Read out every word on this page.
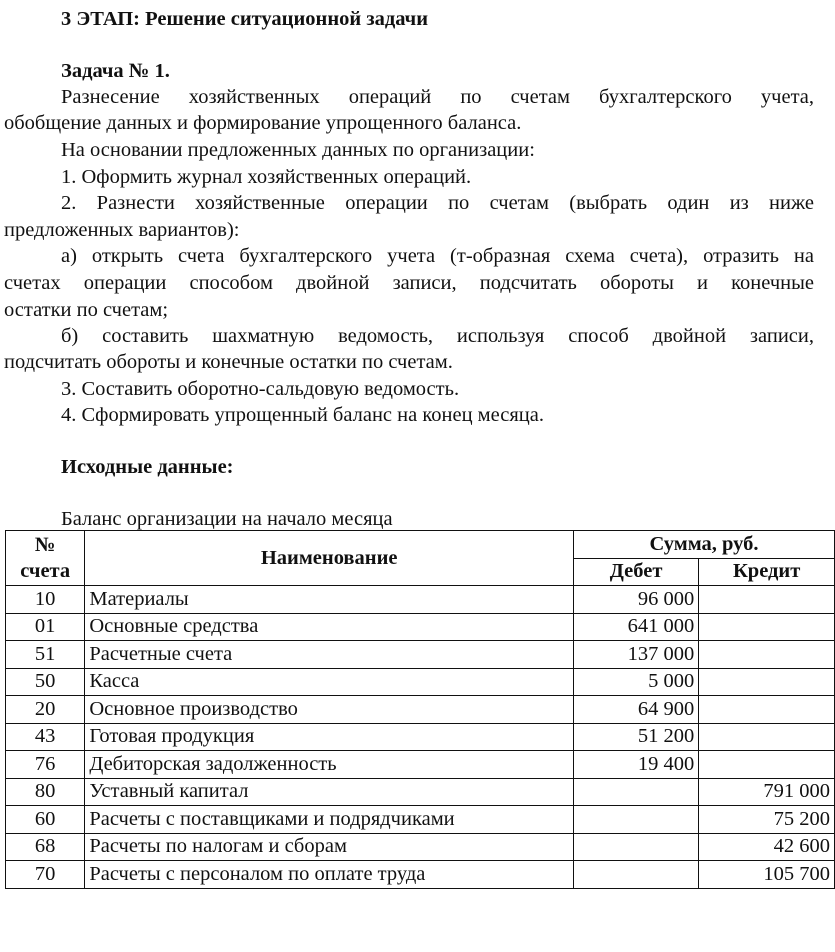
3 ЭТАП: Решение ситуационной задачи
Задача № 1.
Разнесение хозяйственных операций по счетам бухгалтерского учета,
обобщение данных и формирование упрощенного баланса.
На основании предложенных данных по организации:
1. Оформить журнал хозяйственных операций.
2. Разнести хозяйственные операции по счетам (выбрать один из ниже
предложенных вариантов):
а) открыть счета бухгалтерского учета (т-образная схема счета), отразить на
счетах операции способом двойной записи, подсчитать обороты и конечные
остатки по счетам;
б) составить шахматную ведомость, используя способ двойной записи,
подсчитать обороты и конечные остатки по счетам.
3. Составить оборотно-сальдовую ведомость.
4. Сформировать упрощенный баланс на конец месяца.
Исходные данные:
Баланс организации на начало месяца
№
счета	Наименование	Сумма, руб.	
		Дебет	Кредит
10	Материалы	96 000	
01	Основные средства	641 000	
51	Расчетные счета	137 000	
50	Касса	5 000	
20	Основное производство	64 900	
43	Готовая продукция	51 200	
76	Дебиторская задолженность	19 400	
80	Уставный капитал		791 000
60	Расчеты с поставщиками и подрядчиками		75 200
68	Расчеты по налогам и сборам		42 600
70	Расчеты с персоналом по оплате труда		105 700
